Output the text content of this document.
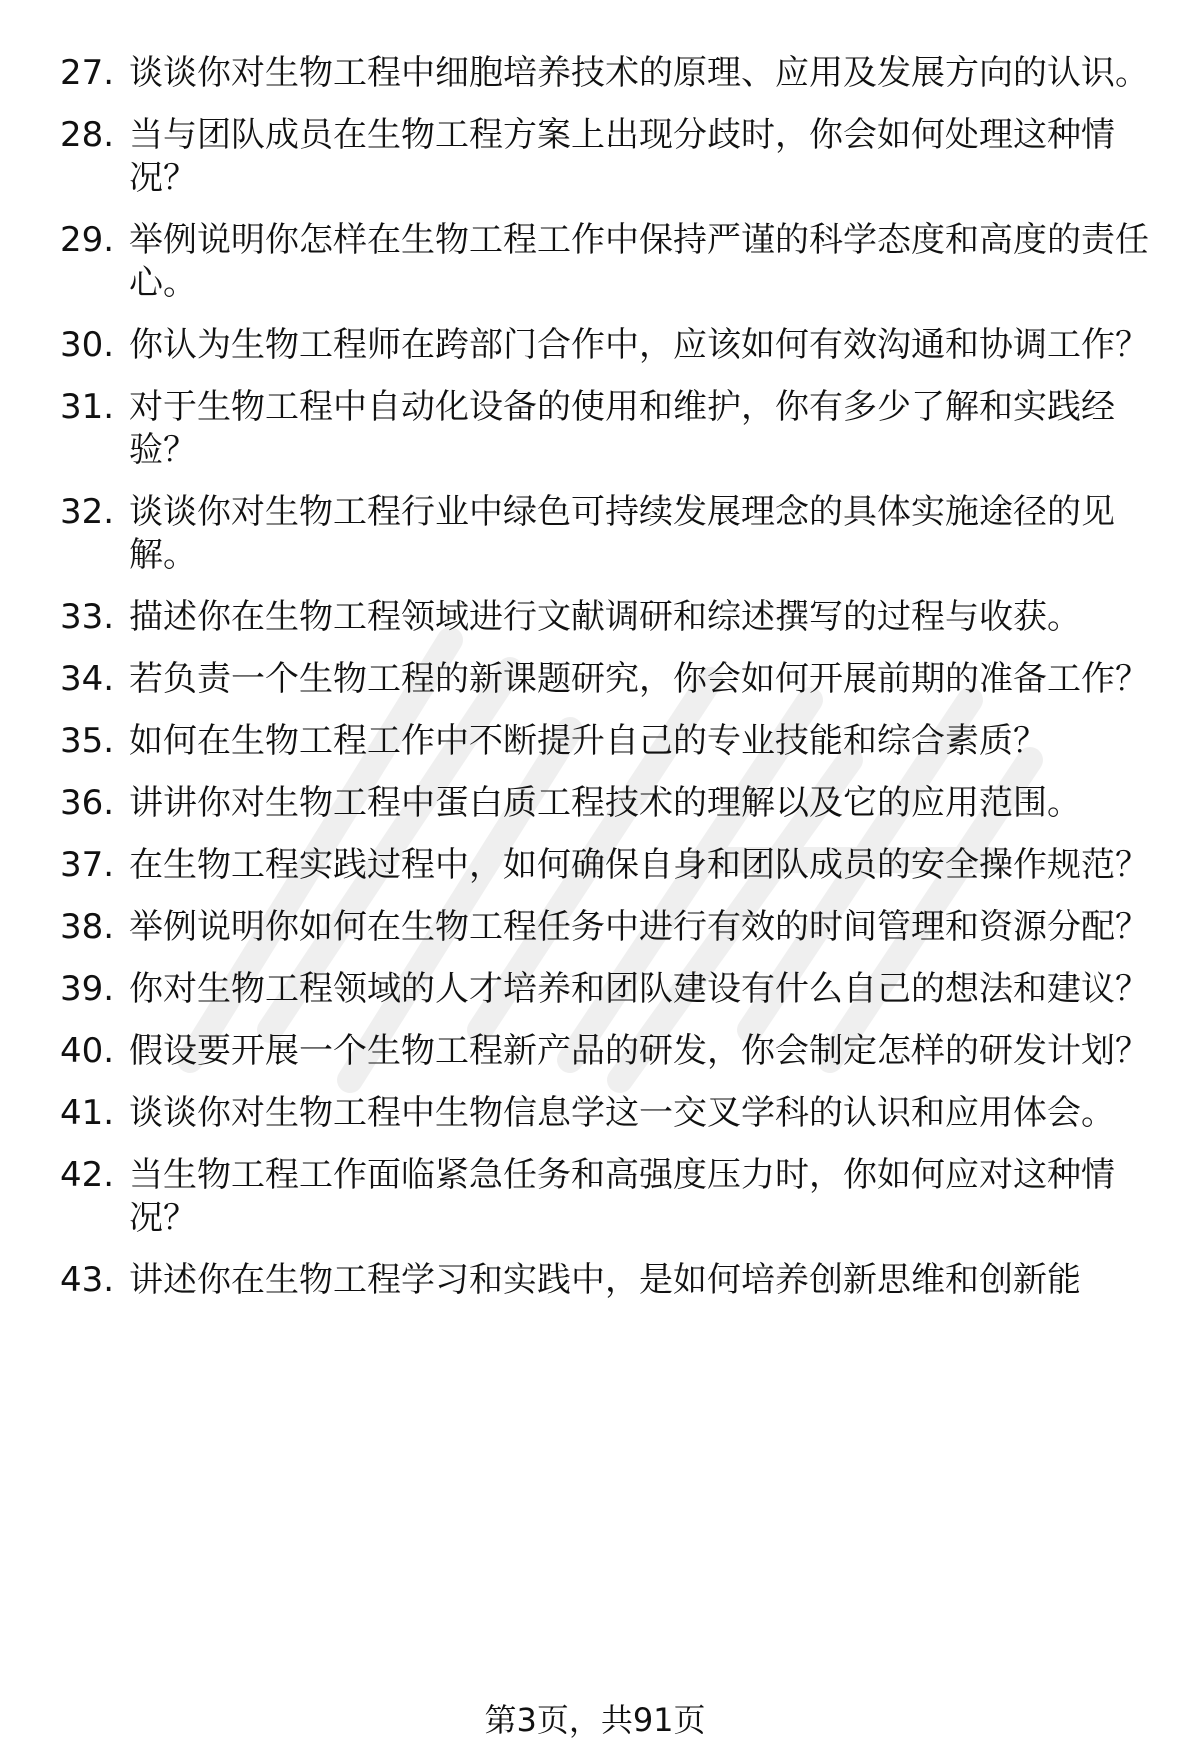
27. 谈谈你对生物工程中细胞培养技术的原理、应用及发展方向的认识。
28. 当与团队成员在生物工程方案上出现分歧时，你会如何处理这种情况？
29. 举例说明你怎样在生物工程工作中保持严谨的科学态度和高度的责任心。
30. 你认为生物工程师在跨部门合作中，应该如何有效沟通和协调工作？
31. 对于生物工程中自动化设备的使用和维护，你有多少了解和实践经验？
32. 谈谈你对生物工程行业中绿色可持续发展理念的具体实施途径的见解。
33. 描述你在生物工程领域进行文献调研和综述撰写的过程与收获。
34. 若负责一个生物工程的新课题研究，你会如何开展前期的准备工作？
35. 如何在生物工程工作中不断提升自己的专业技能和综合素质？
36. 讲讲你对生物工程中蛋白质工程技术的理解以及它的应用范围。
37. 在生物工程实践过程中，如何确保自身和团队成员的安全操作规范？
38. 举例说明你如何在生物工程任务中进行有效的时间管理和资源分配？
39. 你对生物工程领域的人才培养和团队建设有什么自己的想法和建议？
40. 假设要开展一个生物工程新产品的研发，你会制定怎样的研发计划？
41. 谈谈你对生物工程中生物信息学这一交叉学科的认识和应用体会。
42. 当生物工程工作面临紧急任务和高强度压力时，你如何应对这种情况？
43. 讲述你在生物工程学习和实践中，是如何培养创新思维和创新能
第3页，共91页
